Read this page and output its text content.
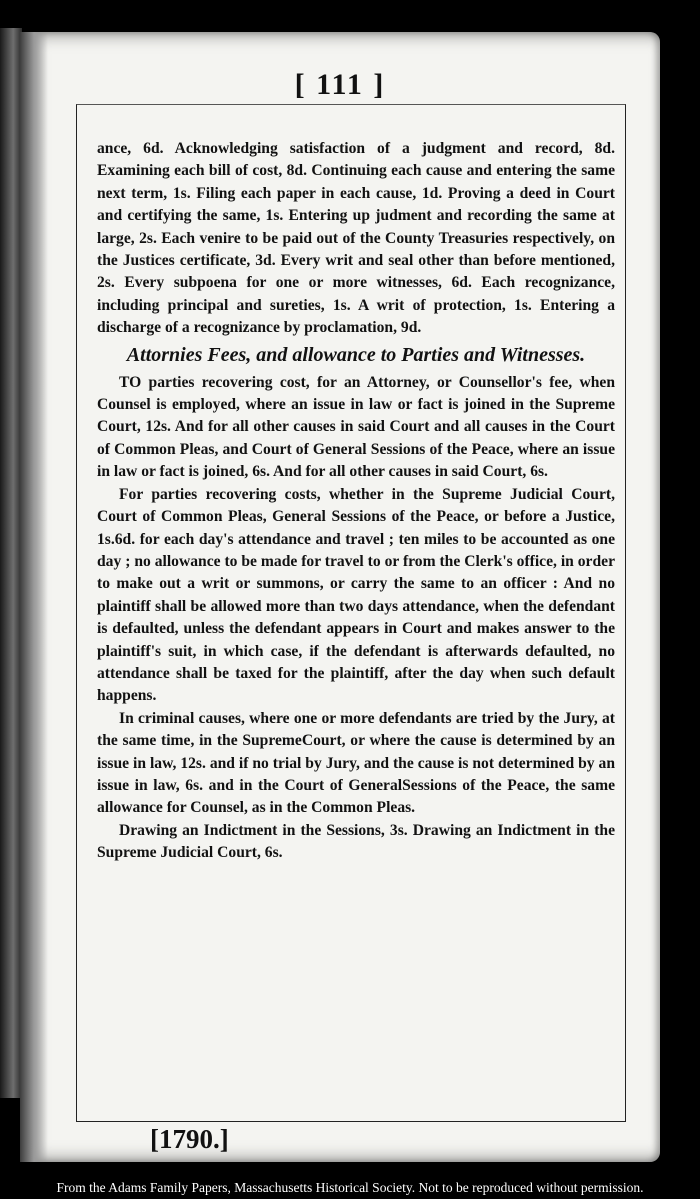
[ 111 ]

ance, 6d. Acknowledging satisfaction of a judgment and record, 8d. Examining each bill of cost, 8d. Continuing each cause and entering the same next term, 1s. Filing each paper in each cause, 1d. Proving a deed in Court and certifying the same, 1s. Entering up judment and recording the same at large, 2s. Each venire to be paid out of the County Treasuries respectively, on the Justices certificate, 3d. Every writ and seal other than before mentioned, 2s. Every subpoena for one or more witnesses, 6d. Each recognizance, including principal and sureties, 1s. A writ of protection, 1s. Entering a discharge of a recognizance by proclamation, 9d.

Attornies Fees, and allowance to Parties and Witnesses.

TO parties recovering cost, for an Attorney, or Counsellor's fee, when Counsel is employed, where an issue in law or fact is joined in the Supreme Court, 12s. And for all other causes in said Court and all causes in the Court of Common Pleas, and Court of General Sessions of the Peace, where an issue in law or fact is joined, 6s. And for all other causes in said Court, 6s.

For parties recovering costs, whether in the Supreme Judicial Court, Court of Common Pleas, General Sessions of the Peace, or before a Justice, 1s.6d. for each day's attendance and travel ; ten miles to be accounted as one day ; no allowance to be made for travel to or from the Clerk's office, in order to make out a writ or summons, or carry the same to an officer : And no plaintiff shall be allowed more than two days attendance, when the defendant is defaulted, unless the defendant appears in Court and makes answer to the plaintiff's suit, in which case, if the defendant is afterwards defaulted, no attendance shall be taxed for the plaintiff, after the day when such default happens.

In criminal causes, where one or more defendants are tried by the Jury, at the same time, in the SupremeCourt, or where the cause is determined by an issue in law, 12s. and if no trial by Jury, and the cause is not determined by an issue in law, 6s. and in the Court of GeneralSessions of the Peace, the same allowance for Counsel, as in the Common Pleas.

Drawing an Indictment in the Sessions, 3s. Drawing an Indictment in the Supreme Judicial Court, 6s.

[1790.]
From the Adams Family Papers, Massachusetts Historical Society. Not to be reproduced without permission.
